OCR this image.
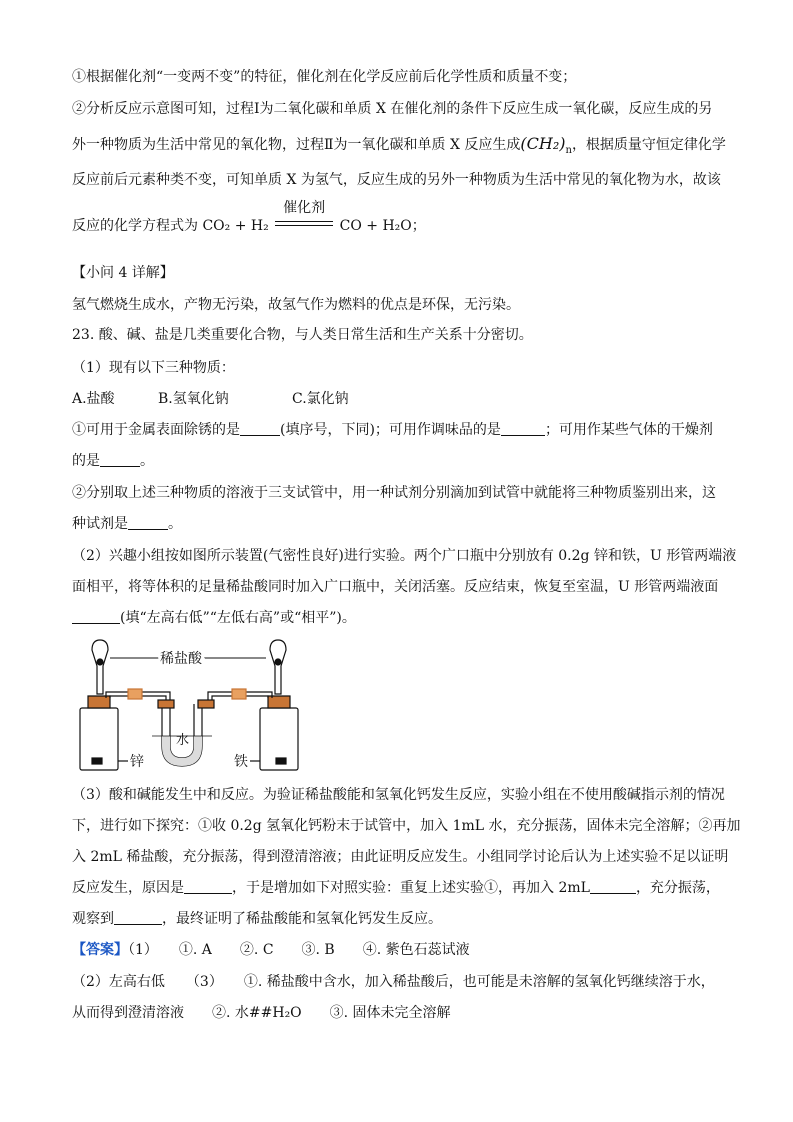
①根据催化剂“一变两不变”的特征，催化剂在化学反应前后化学性质和质量不变；
②分析反应示意图可知，过程Ⅰ为二氧化碳和单质 X 在催化剂的条件下反应生成一氧化碳，反应生成的另
外一种物质为生活中常见的氧化物，过程Ⅱ为一氧化碳和单质 X 反应生成$(CH_2)_n$，根据质量守恒定律化学
反应前后元素种类不变，可知单质 X 为氢气，反应生成的另外一种物质为生活中常见的氧化物为水，故该
反应的化学方程式为 CO₂ + H₂
催化剂
CO + H₂O；
【小问 4 详解】
氢气燃烧生成水，产物无污染，故氢气作为燃料的优点是环保，无污染。
23. 酸、碱、盐是几类重要化合物，与人类日常生活和生产关系十分密切。
（1）现有以下三种物质：
A.盐酸	B.氢氧化钠	C.氯化钠
①可用于金属表面除锈的是	(填序号，下同)；可用作调味品的是	；可用作某些气体的干燥剂
的是	。
②分别取上述三种物质的溶液于三支试管中，用一种试剂分别滴加到试管中就能将三种物质鉴别出来，这
种试剂是	。
（2）兴趣小组按如图所示装置(气密性良好)进行实验。两个广口瓶中分别放有 0.2g 锌和铁，U 形管两端液
面相平，将等体积的足量稀盐酸同时加入广口瓶中，关闭活塞。反应结束，恢复至室温，U 形管两端液面
(填“左高右低”“左低右高”或“相平”)。
稀盐酸
水
锌	铁
（3）酸和碱能发生中和反应。为验证稀盐酸能和氢氧化钙发生反应，实验小组在不使用酸碱指示剂的情况
下，进行如下探究：①收 0.2g 氢氧化钙粉末于试管中，加入 1mL 水，充分振荡，固体未完全溶解；②再加
入 2mL 稀盐酸，充分振荡，得到澄清溶液；由此证明反应发生。小组同学讨论后认为上述实验不足以证明
反应发生，原因是	，于是增加如下对照实验：重复上述实验①，再加入 2mL	，充分振荡，
观察到	，最终证明了稀盐酸能和氢氧化钙发生反应。
【答案】（1）　　①. A　　②. C　　③. B　　④. 紫色石蕊试液
（2）左高右低　　（3）　　①. 稀盐酸中含水，加入稀盐酸后，也可能是未溶解的氢氧化钙继续溶于水，
从而得到澄清溶液　　②. 水##H₂O　　③. 固体未完全溶解
